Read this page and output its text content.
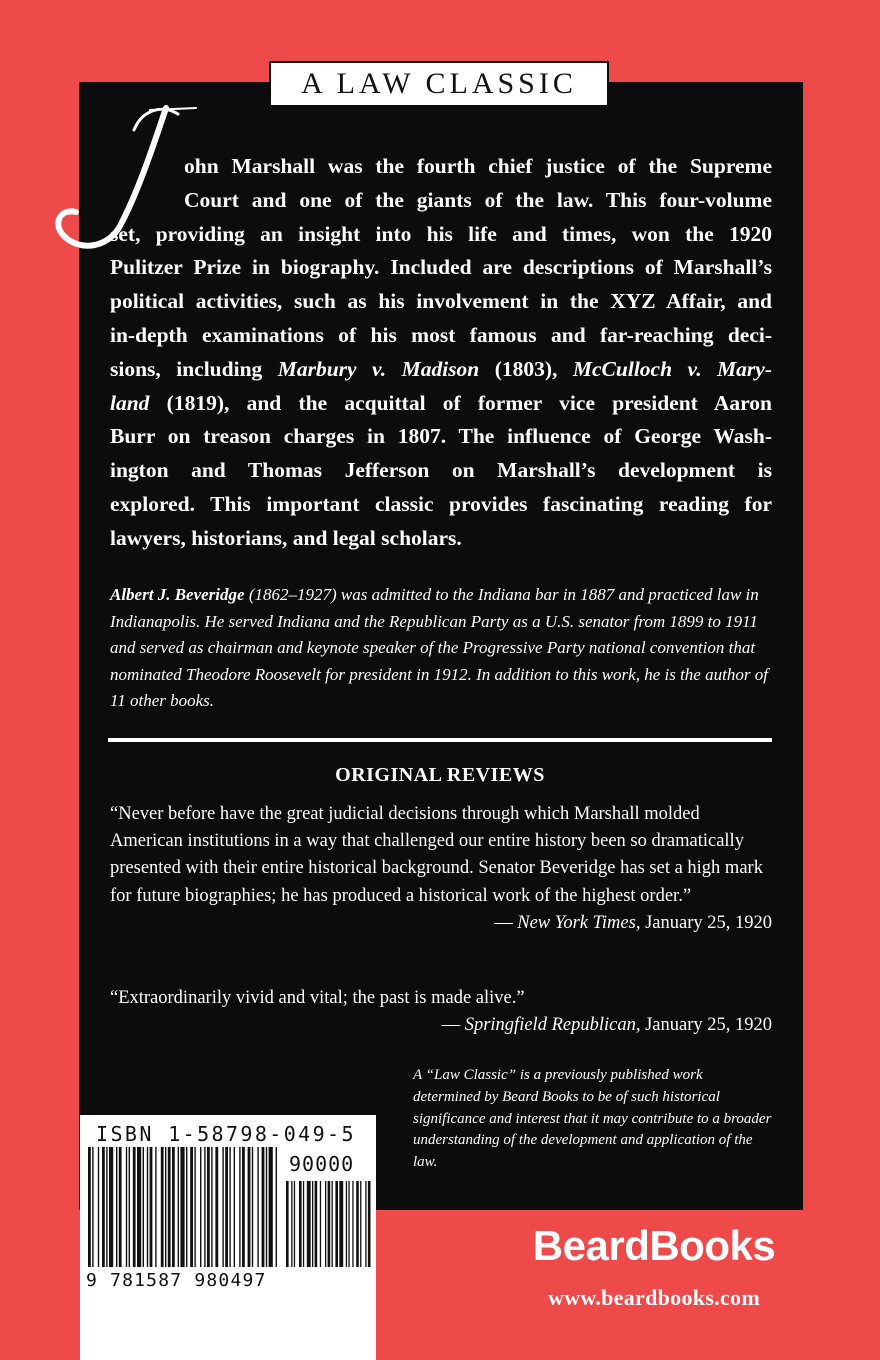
A LAW CLASSIC
J
ohn Marshall was the fourth chief justice of the Supreme
Court and one of the giants of the law. This four-volume
set, providing an insight into his life and times, won the 1920
Pulitzer Prize in biography. Included are descriptions of Marshall’s
political activities, such as his involvement in the XYZ Affair, and
in-depth examinations of his most famous and far-reaching deci-
sions, including Marbury v. Madison (1803), McCulloch v. Mary-
land (1819), and the acquittal of former vice president Aaron
Burr on treason charges in 1807. The influence of George Wash-
ington and Thomas Jefferson on Marshall’s development is
explored. This important classic provides fascinating reading for
lawyers, historians, and legal scholars.
Albert J. Beveridge (1862–1927) was admitted to the Indiana bar in 1887 and practiced law in Indianapolis. He served Indiana and the Republican Party as a U.S. senator from 1899 to 1911 and served as chairman and keynote speaker of the Progressive Party national convention that nominated Theodore Roosevelt for president in 1912. In addition to this work, he is the author of 11 other books.
ORIGINAL REVIEWS
“Never before have the great judicial decisions through which Marshall molded American institutions in a way that challenged our entire history been so dramatically presented with their entire historical background. Senator Beveridge has set a high mark for future biographies; he has produced a historical work of the highest order.”
— New York Times, January 25, 1920
“Extraordinarily vivid and vital; the past is made alive.”
— Springfield Republican, January 25, 1920
A “Law Classic” is a previously published work determined by Beard Books to be of such historical significance and interest that it may contribute to a broader understanding of the development and application of the law.
ISBN 1-58798-049-5
90000
9 781587 980497
BeardBooks
www.beardbooks.com
